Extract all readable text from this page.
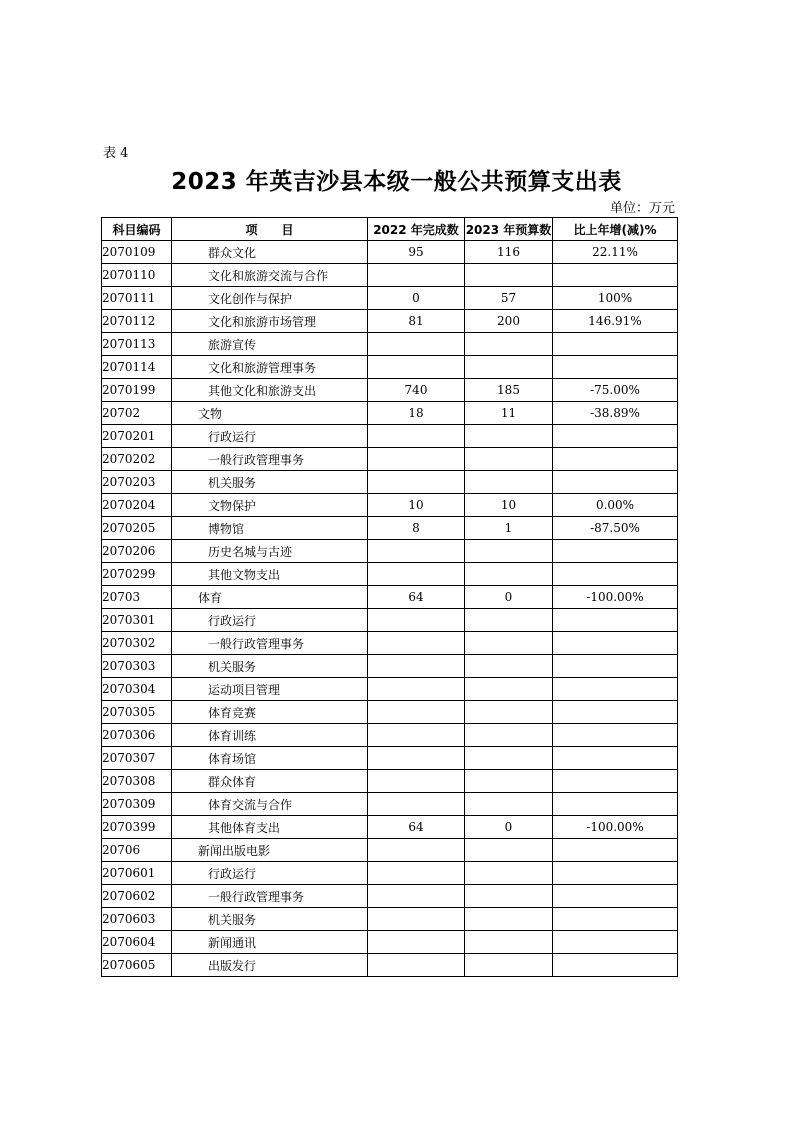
表 4
2023 年英吉沙县本级一般公共预算支出表
单位：万元
科目编码	项　　目	2022 年完成数	2023 年预算数	比上年增(减)%
2070109	群众文化	95	116	22.11%
2070110	文化和旅游交流与合作			
2070111	文化创作与保护	0	57	100%
2070112	文化和旅游市场管理	81	200	146.91%
2070113	旅游宣传			
2070114	文化和旅游管理事务			
2070199	其他文化和旅游支出	740	185	-75.00%
20702	文物	18	11	-38.89%
2070201	行政运行			
2070202	一般行政管理事务			
2070203	机关服务			
2070204	文物保护	10	10	0.00%
2070205	博物馆	8	1	-87.50%
2070206	历史名城与古迹			
2070299	其他文物支出			
20703	体育	64	0	-100.00%
2070301	行政运行			
2070302	一般行政管理事务			
2070303	机关服务			
2070304	运动项目管理			
2070305	体育竞赛			
2070306	体育训练			
2070307	体育场馆			
2070308	群众体育			
2070309	体育交流与合作			
2070399	其他体育支出	64	0	-100.00%
20706	新闻出版电影			
2070601	行政运行			
2070602	一般行政管理事务			
2070603	机关服务			
2070604	新闻通讯			
2070605	出版发行			
